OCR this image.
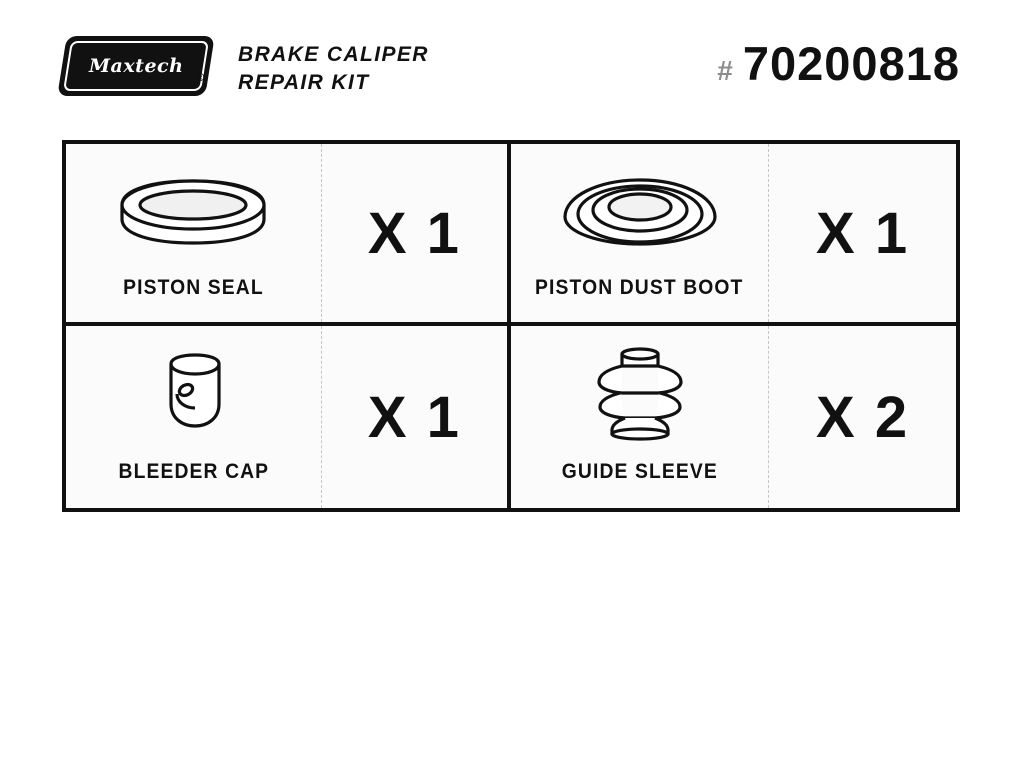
Maxtech
®
BRAKE CALIPER
REPAIR KIT	# 70200818
PISTON SEAL
X 1
PISTON DUST BOOT
X 1
BLEEDER CAP
X 1
GUIDE SLEEVE
X 2
